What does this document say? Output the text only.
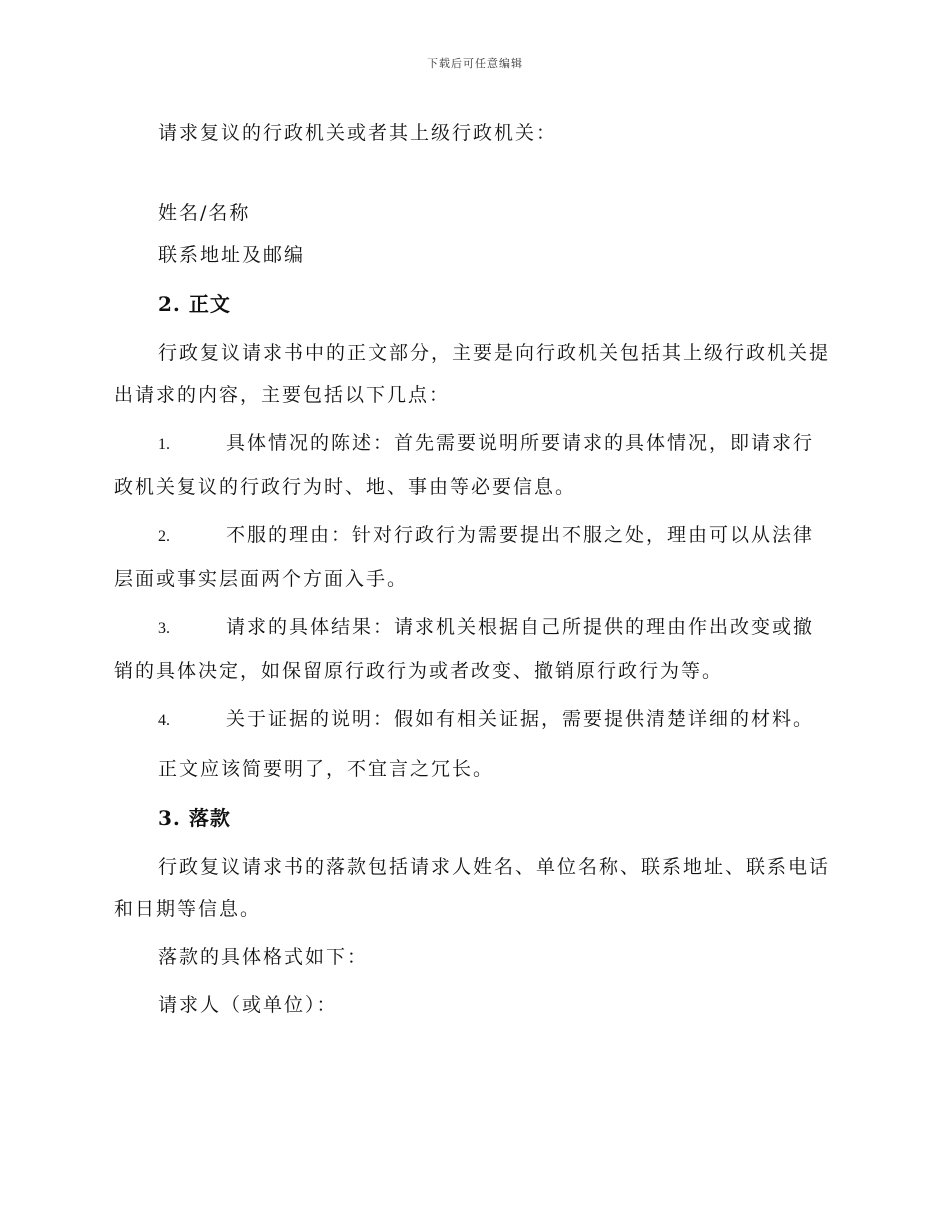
下载后可任意编辑

请求复议的行政机关或者其上级行政机关：

姓名/名称

联系地址及邮编

2. 正文

行政复议请求书中的正文部分，主要是向行政机关包括其上级行政机关提出请求的内容，主要包括以下几点：

1.	具体情况的陈述：首先需要说明所要请求的具体情况，即请求行政机关复议的行政行为时、地、事由等必要信息。

2.	不服的理由：针对行政行为需要提出不服之处，理由可以从法律层面或事实层面两个方面入手。

3.	请求的具体结果：请求机关根据自己所提供的理由作出改变或撤销的具体决定，如保留原行政行为或者改变、撤销原行政行为等。

4.	关于证据的说明：假如有相关证据，需要提供清楚详细的材料。

正文应该简要明了，不宜言之冗长。

3. 落款

行政复议请求书的落款包括请求人姓名、单位名称、联系地址、联系电话和日期等信息。

落款的具体格式如下：

请求人（或单位）：
